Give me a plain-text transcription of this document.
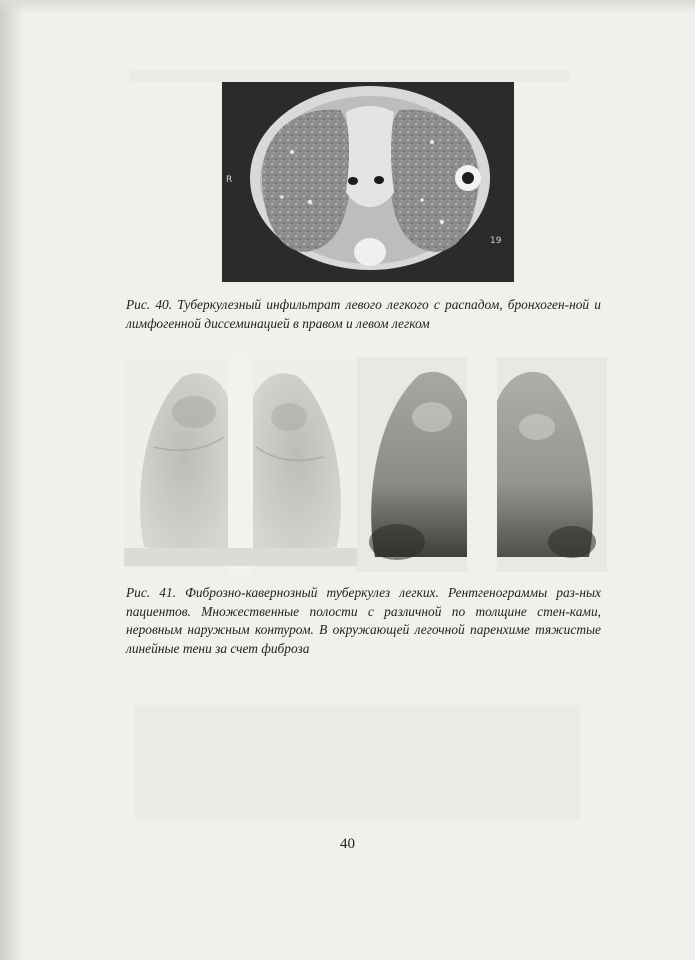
R
19

Рис. 40. Туберкулезный инфильтрат левого легкого с распадом, бронхоген-ной и лимфогенной диссеминацией в правом и левом легком

Рис. 41. Фиброзно-кавернозный туберкулез легких. Рентгенограммы раз-ных пациентов. Множественные полости с различной по толщине стен-ками, неровным наружным контуром. В окружающей легочной паренхиме тяжистые линейные тени за счет фиброза

40
